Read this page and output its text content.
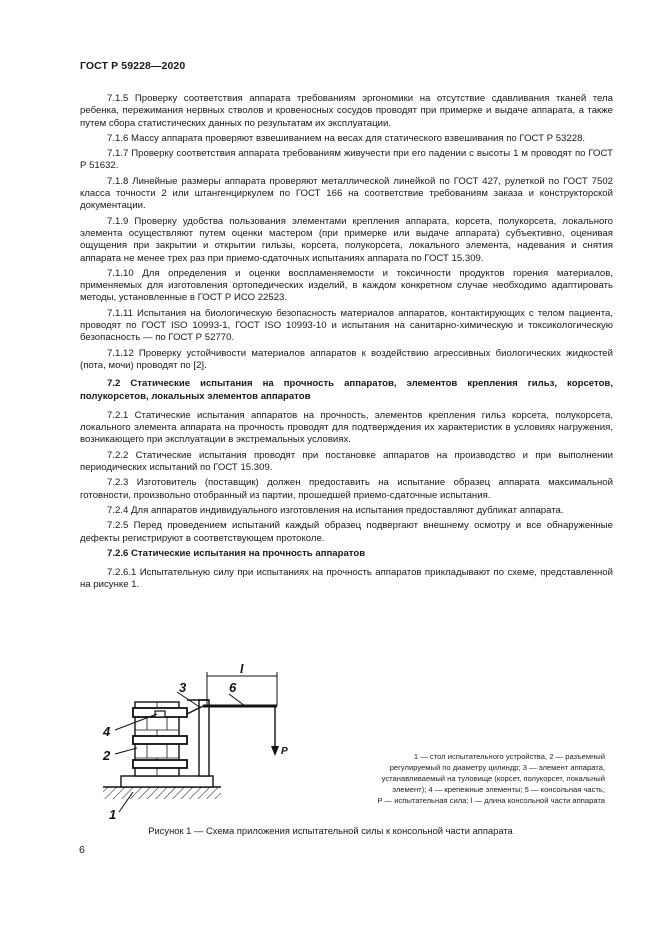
ГОСТ Р 59228—2020

7.1.5 Проверку соответствия аппарата требованиям эргономики на отсутствие сдавливания тканей тела ребенка, пережимания нервных стволов и кровеносных сосудов проводят при примерке и выдаче аппарата, а также путем сбора статистических данных по результатам их эксплуатации.

7.1.6 Массу аппарата проверяют взвешиванием на весах для статического взвешивания по ГОСТ Р 53228.

7.1.7 Проверку соответствия аппарата требованиям живучести при его падении с высоты 1 м проводят по ГОСТ Р 51632.

7.1.8 Линейные размеры аппарата проверяют металлической линейкой по ГОСТ 427, рулеткой по ГОСТ 7502 класса точности 2 или штангенциркулем по ГОСТ 166 на соответствие требованиям заказа и конструкторской документации.

7.1.9 Проверку удобства пользования элементами крепления аппарата, корсета, полукорсета, локального элемента осуществляют путем оценки мастером (при примерке или выдаче аппарата) субъективно, оценивая ощущения при закрытии и открытии гильзы, корсета, полукорсета, локального элемента, надевания и снятия аппарата не менее трех раз при приемо-сдаточных испытаниях аппарата по ГОСТ 15.309.

7.1.10 Для определения и оценки воспламеняемости и токсичности продуктов горения материалов, применяемых для изготовления ортопедических изделий, в каждом конкретном случае необходимо адаптировать методы, установленные в ГОСТ Р ИСО 22523.

7.1.11 Испытания на биологическую безопасность материалов аппаратов, контактирующих с телом пациента, проводят по ГОСТ ISO 10993-1, ГОСТ ISO 10993-10 и испытания на санитарно-химическую и токсикологическую безопасность — по ГОСТ Р 52770.

7.1.12 Проверку устойчивости материалов аппаратов к воздействию агрессивных биологических жидкостей (пота, мочи) проводят по [2].

7.2 Статические испытания на прочность аппаратов, элементов крепления гильз, корсетов, полукорсетов, локальных элементов аппаратов

7.2.1 Статические испытания аппаратов на прочность, элементов крепления гильз корсета, полукорсета, локального элемента аппарата на прочность проводят для подтверждения их характеристик в условиях нагружения, возникающего при эксплуатации в экстремальных условиях.

7.2.2 Статические испытания проводят при постановке аппаратов на производство и при выполнении периодических испытаний по ГОСТ 15.309.

7.2.3 Изготовитель (поставщик) должен предоставить на испытание образец аппарата максимальной готовности, произвольно отобранный из партии, прошедшей приемо-сдаточные испытания.

7.2.4 Для аппаратов индивидуального изготовления на испытания предоставляют дубликат аппарата.

7.2.5 Перед проведением испытаний каждый образец подвергают внешнему осмотру и все обнаруженные дефекты регистрируют в соответствующем протоколе.

7.2.6 Статические испытания на прочность аппаратов

7.2.6.1 Испытательную силу при испытаниях на прочность аппаратов прикладывают по схеме, представленной на рисунке 1.

l
1
2
3
4
6
P	1 — стол испытательного устройства, 2 — разъемный
регулируемый по диаметру цилиндр; 3 — элемент аппарата,
устанавливаемый на туловище (корсет, полукорсет, локальный
элемент); 4 — крепежные элементы; 5 — консольная часть;
P — испытательная сила; l — длина консольной части аппарата
Рисунок 1 — Схема приложения испытательной силы к консольной части аппарата
6
